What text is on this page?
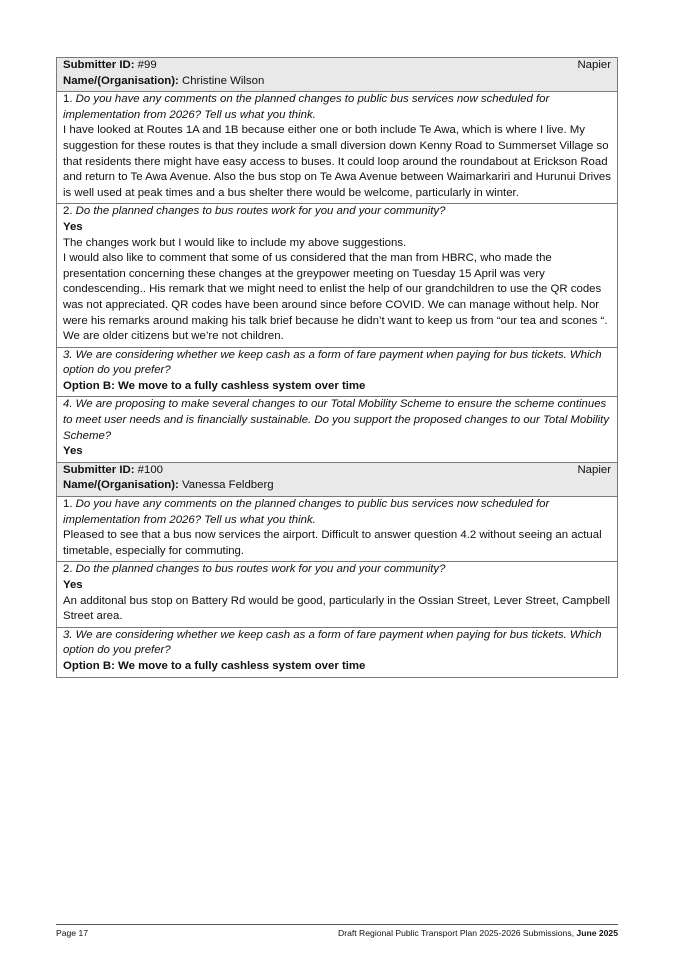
Submitter ID: #99	Napier
Name/(Organisation): Christine Wilson

1. Do you have any comments on the planned changes to public bus services now scheduled for implementation from 2026? Tell us what you think.

I have looked at Routes 1A and 1B because either one or both include Te Awa, which is where I live. My suggestion for these routes is that they include a small diversion down Kenny Road to Summerset Village so that residents there might have easy access to buses. It could loop around the roundabout at Erickson Road and return to Te Awa Avenue. Also the bus stop on Te Awa Avenue between Waimarkariri and Hurunui Drives is well used at peak times and a bus shelter there would be welcome, particularly in winter.

2. Do the planned changes to bus routes work for you and your community?

Yes

The changes work but I would like to include my above suggestions.

I would also like to comment that some of us considered that the man from HBRC, who made the presentation concerning these changes at the greypower meeting on Tuesday 15 April was very condescending.. His remark that we might need to enlist the help of our grandchildren to use the QR codes was not appreciated. QR codes have been around since before COVID. We can manage without help. Nor were his remarks around making his talk brief because he didn’t want to keep us from “our tea and scones “. We are older citizens but we’re not children.

3. We are considering whether we keep cash as a form of fare payment when paying for bus tickets. Which option do you prefer?

Option B: We move to a fully cashless system over time

4. We are proposing to make several changes to our Total Mobility Scheme to ensure the scheme continues to meet user needs and is financially sustainable. Do you support the proposed changes to our Total Mobility Scheme?

Yes

Submitter ID: #100	Napier
Name/(Organisation): Vanessa Feldberg

1. Do you have any comments on the planned changes to public bus services now scheduled for implementation from 2026? Tell us what you think.

Pleased to see that a bus now services the airport. Difficult to answer question 4.2 without seeing an actual timetable, especially for commuting.

2. Do the planned changes to bus routes work for you and your community?

Yes

An additonal bus stop on Battery Rd would be good, particularly in the Ossian Street, Lever Street, Campbell Street area.

3. We are considering whether we keep cash as a form of fare payment when paying for bus tickets. Which option do you prefer?

Option B: We move to a fully cashless system over time

Page 17	Draft Regional Public Transport Plan 2025-2026 Submissions, June 2025
